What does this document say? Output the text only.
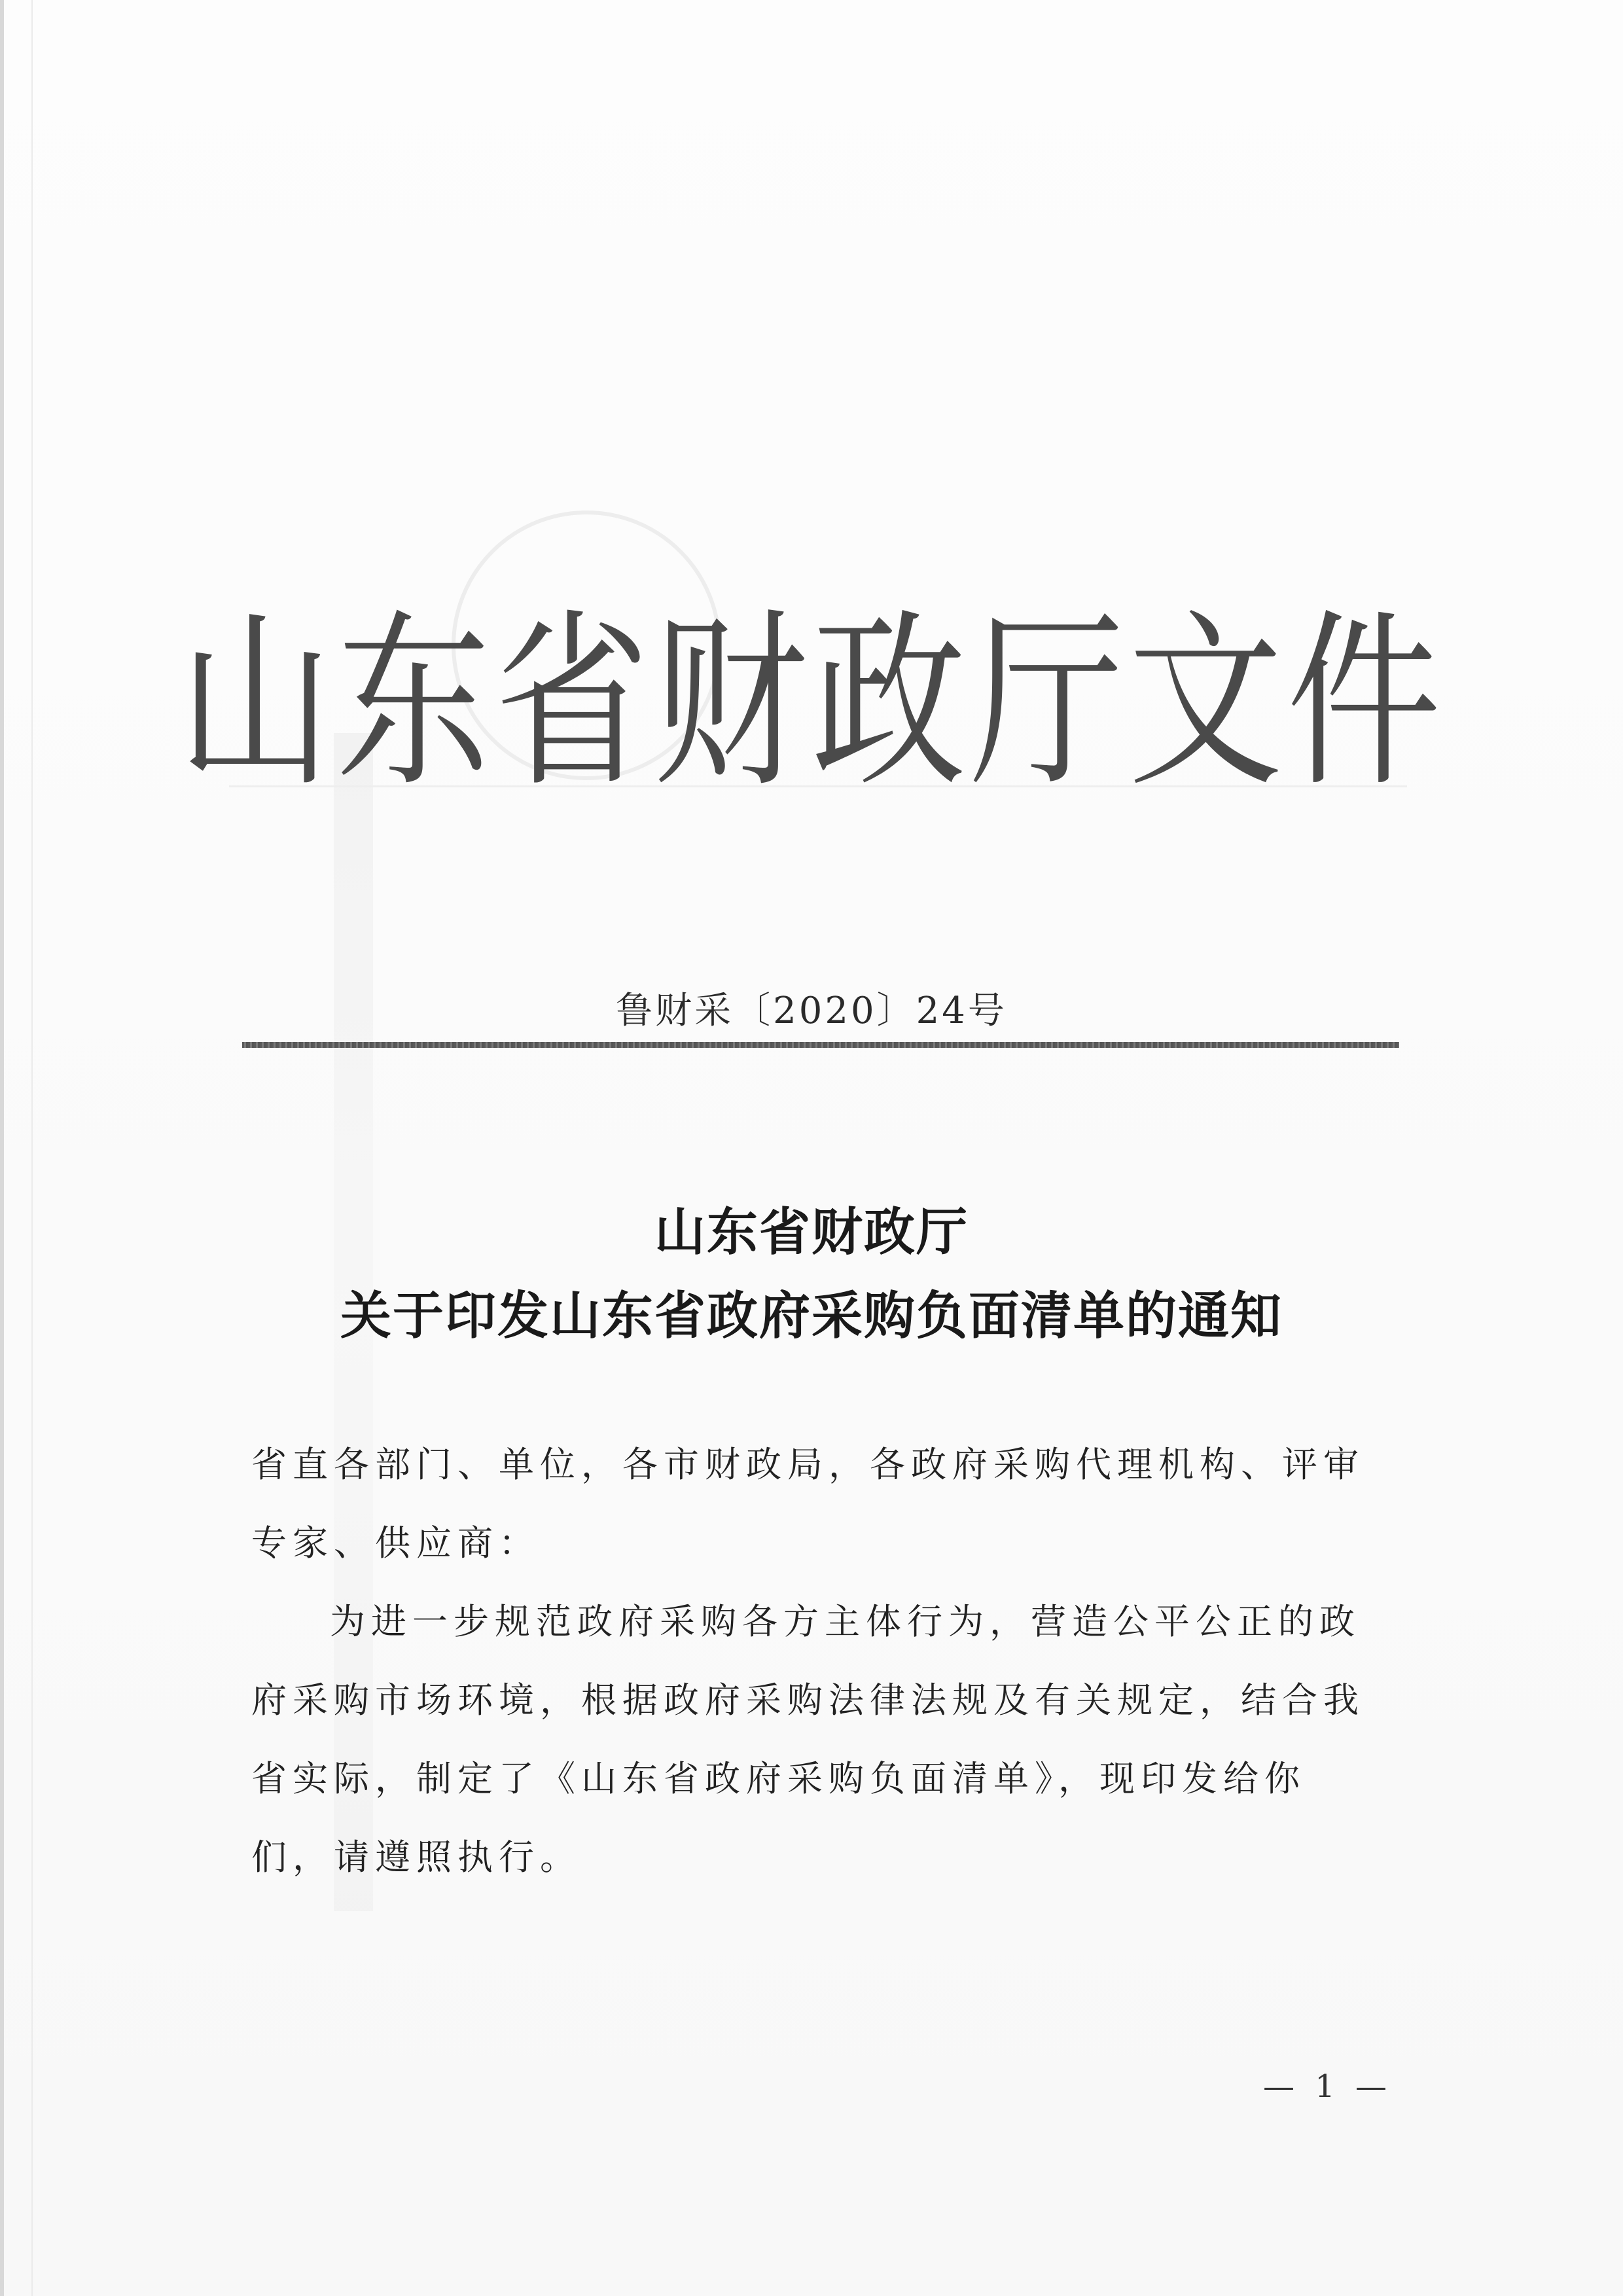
山东省财政厅文件
鲁财采〔2020〕24号
山东省财政厅
关于印发山东省政府采购负面清单的通知
省直各部门、单位，各市财政局，各政府采购代理机构、评审专家、供应商：
为进一步规范政府采购各方主体行为，营造公平公正的政府采购市场环境，根据政府采购法律法规及有关规定，结合我省实际，制定了《山东省政府采购负面清单》，现印发给你们，请遵照执行。
— 1 —
